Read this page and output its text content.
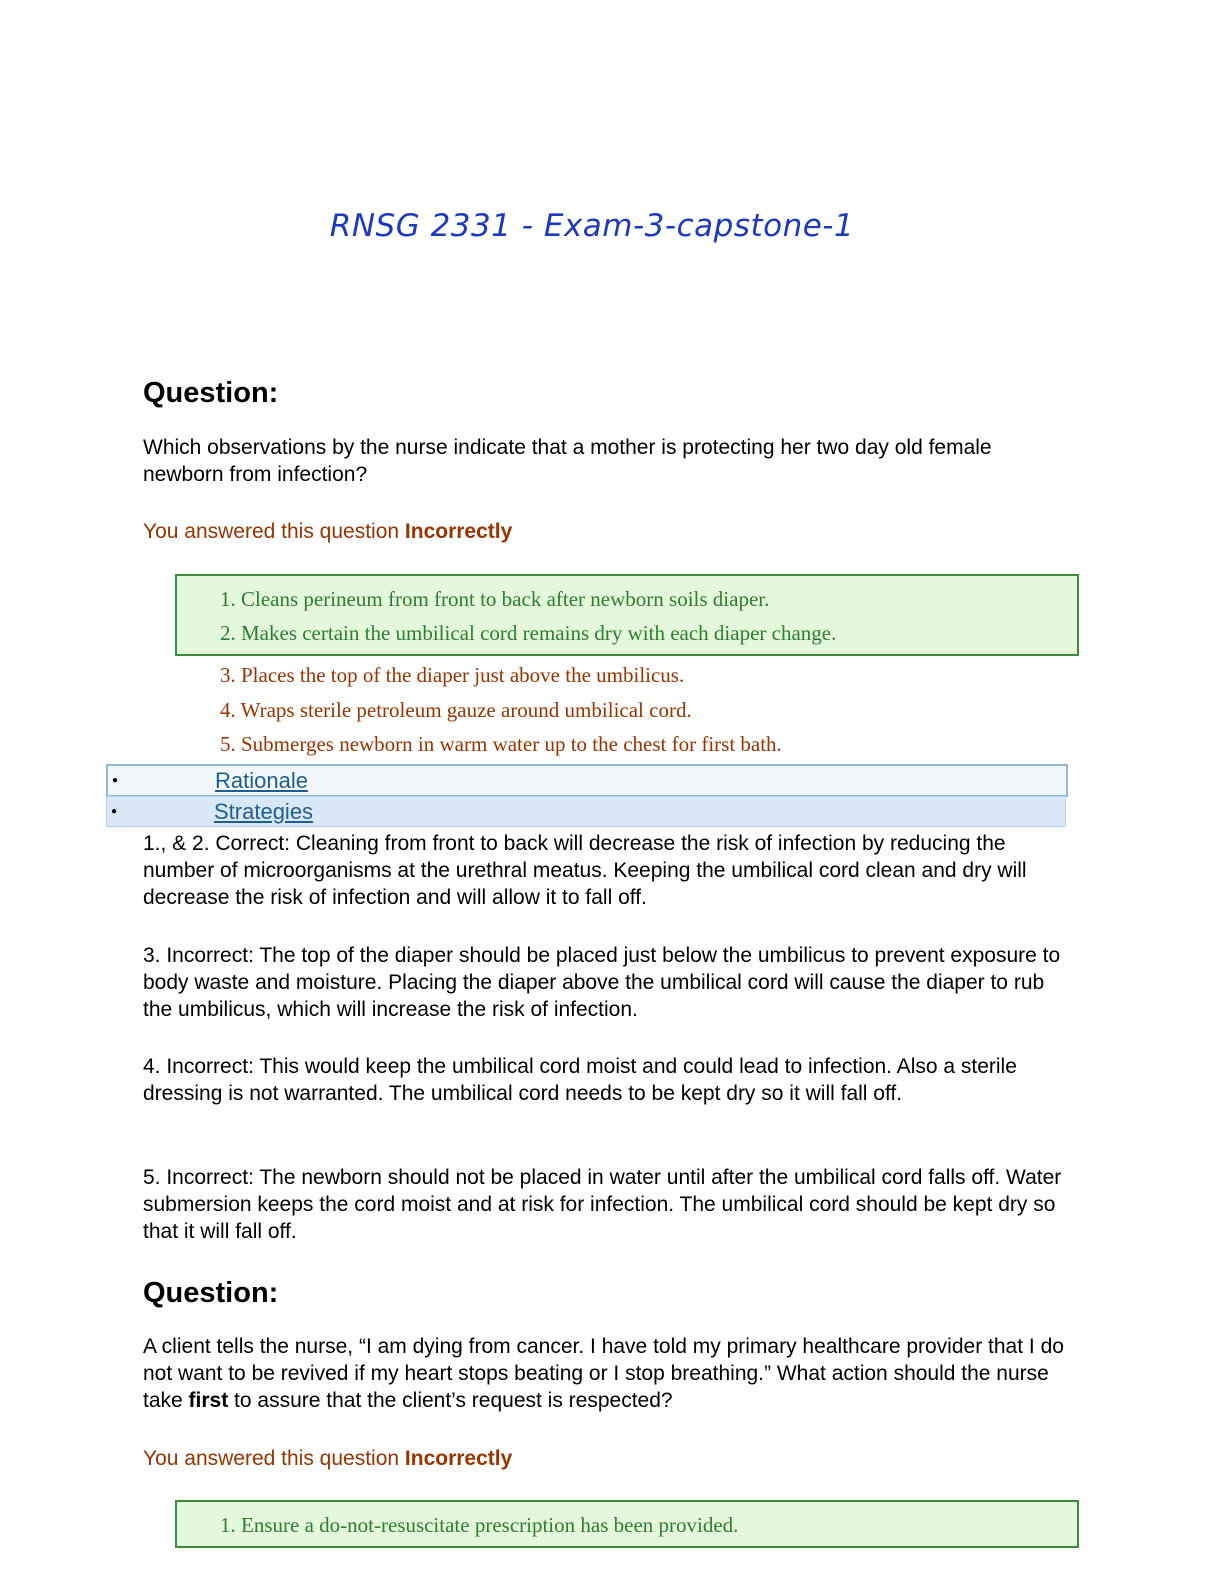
RNSG 2331 - Exam-3-capstone-1
Question:
Which observations by the nurse indicate that a mother is protecting her two day old female newborn from infection?
You answered this question Incorrectly
1. Cleans perineum from front to back after newborn soils diaper.
2. Makes certain the umbilical cord remains dry with each diaper change.
3. Places the top of the diaper just above the umbilicus.
4. Wraps sterile petroleum gauze around umbilical cord.
5. Submerges newborn in warm water up to the chest for first bath.
●	Rationale
●	Strategies
1., & 2. Correct: Cleaning from front to back will decrease the risk of infection by reducing the number of microorganisms at the urethral meatus. Keeping the umbilical cord clean and dry will decrease the risk of infection and will allow it to fall off.
3. Incorrect: The top of the diaper should be placed just below the umbilicus to prevent exposure to body waste and moisture. Placing the diaper above the umbilical cord will cause the diaper to rub the umbilicus, which will increase the risk of infection.
4. Incorrect: This would keep the umbilical cord moist and could lead to infection. Also a sterile dressing is not warranted. The umbilical cord needs to be kept dry so it will fall off.
5. Incorrect: The newborn should not be placed in water until after the umbilical cord falls off. Water submersion keeps the cord moist and at risk for infection. The umbilical cord should be kept dry so that it will fall off.
Question:
A client tells the nurse, “I am dying from cancer. I have told my primary healthcare provider that I do not want to be revived if my heart stops beating or I stop breathing.” What action should the nurse take first to assure that the client’s request is respected?
You answered this question Incorrectly
1. Ensure a do-not-resuscitate prescription has been provided.
